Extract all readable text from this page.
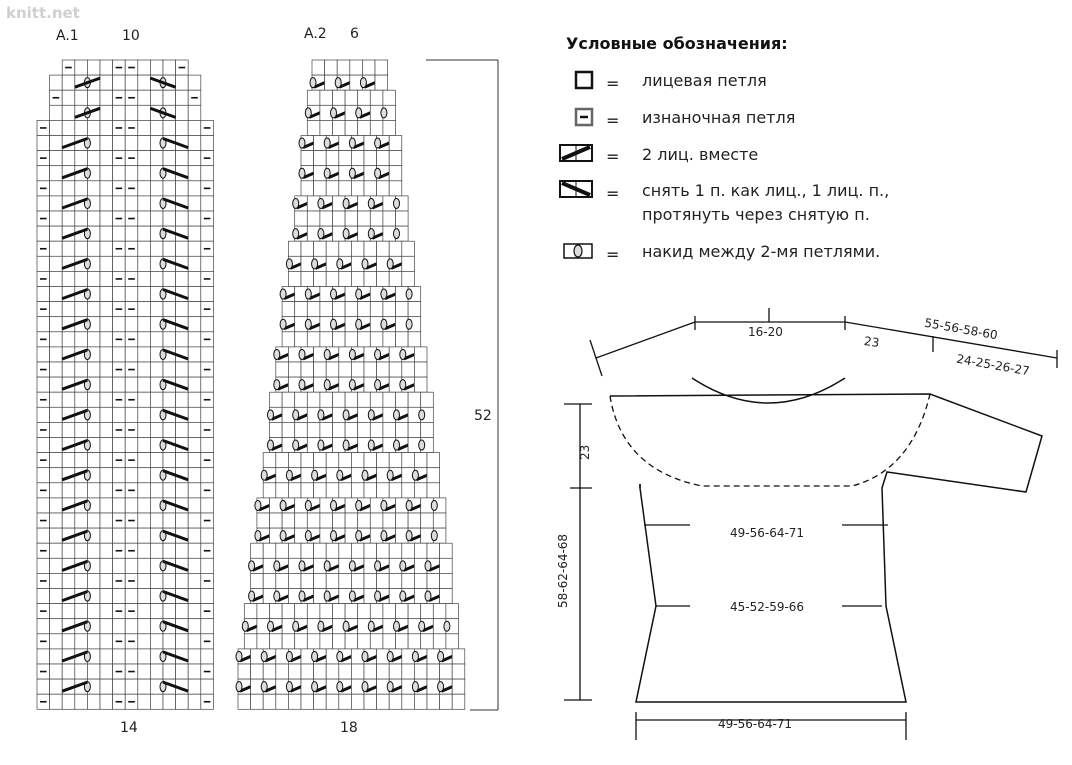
knitt.net
A.1	10
14
A.2 6
18
52
Условные обозначения:
=
=
=
=
=
лицевая петля
изнаночная петля
2 лиц. вместе
снять 1 п. как лиц., 1 лиц. п.,
протянуть через снятую п.
накид между 2-мя петлями.
16-20
23	55-56-58-60
24-25-26-27
23
58-62-64-68
49-56-64-71
45-52-59-66
49-56-64-71
